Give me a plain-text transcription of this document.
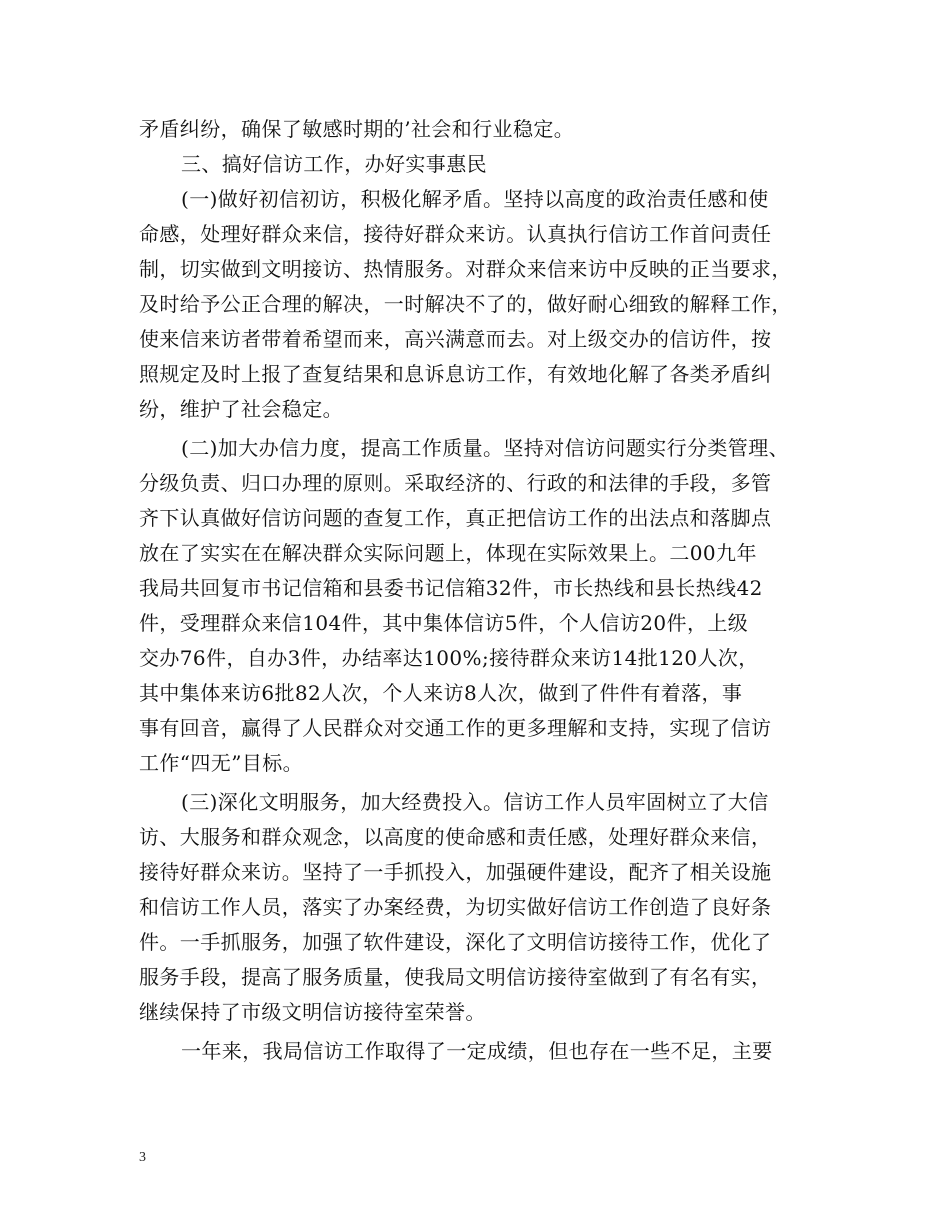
矛盾纠纷，确保了敏感时期的’社会和行业稳定。
三、搞好信访工作，办好实事惠民
(一)做好初信初访，积极化解矛盾。坚持以高度的政治责任感和使
命感，处理好群众来信，接待好群众来访。认真执行信访工作首问责任
制，切实做到文明接访、热情服务。对群众来信来访中反映的正当要求，
及时给予公正合理的解决，一时解决不了的，做好耐心细致的解释工作，
使来信来访者带着希望而来，高兴满意而去。对上级交办的信访件，按
照规定及时上报了查复结果和息诉息访工作，有效地化解了各类矛盾纠
纷，维护了社会稳定。
(二)加大办信力度，提高工作质量。坚持对信访问题实行分类管理、
分级负责、归口办理的原则。采取经济的、行政的和法律的手段，多管
齐下认真做好信访问题的查复工作，真正把信访工作的出法点和落脚点
放在了实实在在解决群众实际问题上，体现在实际效果上。二00九年
我局共回复市书记信箱和县委书记信箱32件，市长热线和县长热线42
件，受理群众来信104件，其中集体信访5件，个人信访20件，上级
交办76件，自办3件，办结率达100%;接待群众来访14批120人次，
其中集体来访6批82人次，个人来访8人次，做到了件件有着落，事
事有回音，赢得了人民群众对交通工作的更多理解和支持，实现了信访
工作“四无”目标。
(三)深化文明服务，加大经费投入。信访工作人员牢固树立了大信
访、大服务和群众观念，以高度的使命感和责任感，处理好群众来信，
接待好群众来访。坚持了一手抓投入，加强硬件建设，配齐了相关设施
和信访工作人员，落实了办案经费，为切实做好信访工作创造了良好条
件。一手抓服务，加强了软件建设，深化了文明信访接待工作，优化了
服务手段，提高了服务质量，使我局文明信访接待室做到了有名有实，
继续保持了市级文明信访接待室荣誉。
一年来，我局信访工作取得了一定成绩，但也存在一些不足，主要
3
